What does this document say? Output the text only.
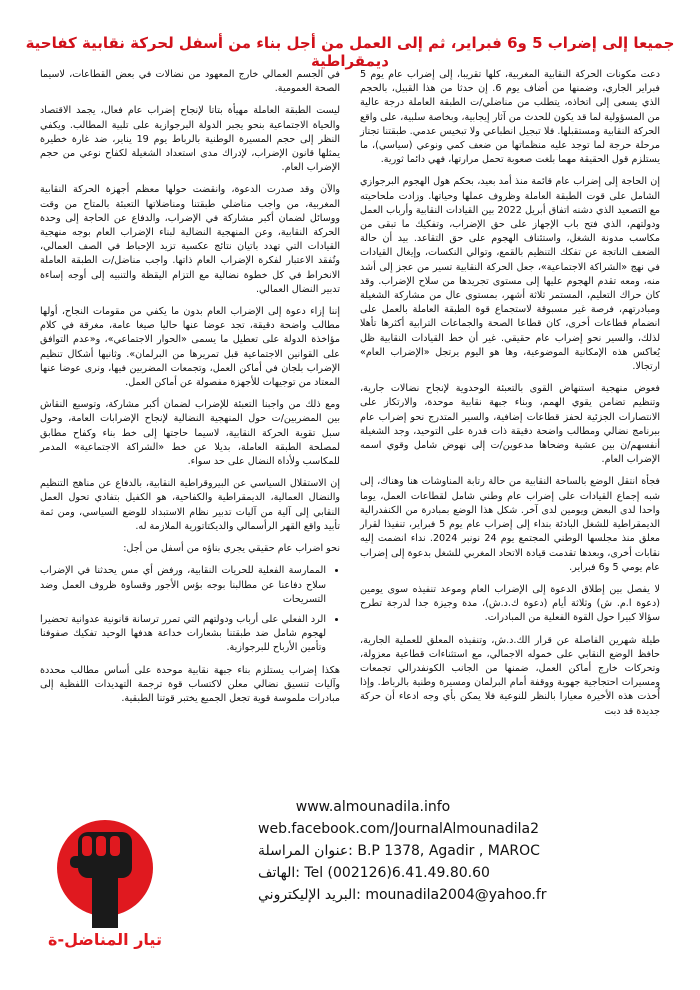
جميعا إلى إضراب 5 و6 فبراير، ثم إلى العمل من أجل بناء من أسفل لحركة نقابية كفاحية ديمقراطية

دعت مكونات الحركة النقابية المغربية، كلها تقريبا، إلى إضراب عام يوم 5 فبراير الجاري، وضمنها من أضاف يوم 6. إن حدثا من هذا القبيل، بالحجم الذي يسعى إلى اتخاذه، يتطلب من مناضلي/ت الطبقة العاملة درجة عالية من المسؤولية لما قد يكون للحدث من آثار إيجابية، وبخاصة سلبية، على واقع الحركة النقابية ومستقبلها. فلا تبجيل انطباعي ولا تبخيس عدمي. طبقتنا تجتاز مرحلة حرجة لما توجد عليه منظماتها من ضعف كمي ونوعي (سياسي)، ما يستلزم قول الحقيقة مهما بلغت صعوبة تحمل مرارتها، فهي دائما ثورية.

إن الحاجة إلى إضراب عام قائمة منذ أمد بعيد، بحكم هول الهجوم البرجوازي الشامل على قوت الطبقة العاملة وظروف عملها وحياتها. وزادت ملحاحيته مع التصعيد الذي دشنه اتفاق أبريل 2022 بين القيادات النقابية وأرباب العمل ودولتهم، الذي فتح باب الإجهاز على حق الإضراب، وتفكيك ما تبقى من مكاسب مدونة الشغل، واستئناف الهجوم على حق التقاعد. بيد أن حالة الضعف الناتجة عن تفكك التنظيم بالقمع، وتوالي النكسات، وإيغال القيادات في نهج «الشراكة الاجتماعية»، جعل الحركة النقابية تسير من عجز إلى أشد منه، ومعه تقدم الهجوم عليها إلى مستوى تجريدها من سلاح الإضراب. وقد كان حراك التعليم، المستمر ثلاثة أشهر، بمستوى عال من مشاركة الشغيلة ومبادرتهم، فرصة غير مسبوقة لاستجماع قوة الطبقة العاملة بالعمل على انضمام قطاعات أخرى، كان قطاعا الصحة والجماعات الترابية أكثرها تأهلا لذلك، والسير نحو إضراب عام حقيقي. غير أن خط القيادات النقابية ظل يُعاكس هذه الإمكانية الموضوعية، وها هو اليوم يرتجل «الإضراب العام» ارتجالا.

فعوض منهجية استنهاض القوى بالتعبئة الوحدوية لإنجاح نضالات جارية، وتنظيم تضامن يقوي الهمم، وبناء جبهة نقابية موحدة، والارتكاز على الانتصارات الجزئية لحفز قطاعات إضافية، والسير المتدرج نحو إضراب عام ببرنامج نضالي ومطالب واضحة دقيقة ذات قدرة على التوحيد، وجد الشغيلة أنفسهم/ن بين عشية وضحاها مدعوين/ت إلى نهوض شامل وقوي اسمه الإضراب العام.

فجأة انتقل الوضع بالساحة النقابية من حالة رتابة المناوشات هنا وهناك، إلى شبه إجماع القيادات على إضراب عام وطني شامل لقطاعات العمل، يوما واحدا لدى البعض ويومين لدى آخر. شكل هذا الوضع بمبادرة من الكنفدرالية الديمقراطية للشغل البادئة بنداء إلى إضراب عام يوم 5 فبراير، تنفيذا لقرار معلق منذ مجلسها الوطني المجتمع يوم 24 نونبر 2024. نداء انضمت إليه نقابات أخرى، وبعدها تقدمت قيادة الاتحاد المغربي للشغل بدعوة إلى إضراب عام يومي 5 و6 فبراير.

لا يفصل بين إطلاق الدعوة إلى الإضراب العام وموعد تنفيذه سوى يومين (دعوة ا.م. ش) وثلاثة أيام (دعوة ك.د.ش)، مدة وجيزة جدا لدرجة تطرح سؤالا كبيرا حول القوة الفعلية من المبادرات.

طيلة شهرين الفاصلة عن قرار الك.د.ش، وتنفيذه المعلق للعملية الجارية، حافظ الوضع النقابي على خموله الاجمالي، مع استثناءات قطاعية معزولة، وتحركات خارج أماكن العمل، ضمنها من الجانب الكونفدرالي تجمعات ومسيرات احتجاجية جهوية ووقفة أمام البرلمان ومسيرة وطنية بالرباط. وإذا أُخذت هذه الأخيرة معيارا بالنظر للنوعية فلا يمكن بأي وجه ادعاء أن حركة جديدة قد دبت

في الجسم العمالي خارج المعهود من نضالات في بعض القطاعات، لاسيما الصحة العمومية.

ليست الطبقة العاملة مهيأة بتاتا لإنجاح إضراب عام فعال، يجمد الاقتصاد والحياة الاجتماعية بنحو يجبر الدولة البرجوازية على تلبية المطالب. ويكفي النظر إلى حجم المسيرة الوطنية بالرباط يوم 19 يناير، ضد غارة خطيرة يمثلها قانون الإضراب، لإدراك مدى استعداد الشغيلة لكفاح نوعي من حجم الإضراب العام.

والآن وقد صدرت الدعوة، وانقضت حولها معظم أجهزة الحركة النقابية المغربية، من واجب مناضلي طبقتنا ومناضلاتها التعبئة بالمتاح من وقت ووسائل لضمان أكبر مشاركة في الإضراب، والدفاع عن الحاجة إلى وحدة الحركة النقابية، وعن المنهجية النضالية لبناء الإضراب العام بوجه منهجية القيادات التي تهدد باتيان نتائج عكسية تزيد الإحباط في الصف العمالي، وتُفقد الاعتبار لفكرة الإضراب العام ذاتها. واجب مناضل/ت الطبقة العاملة الانخراط في كل خطوة نضالية مع التزام اليقظة والتنبيه إلى أوجه إساءة تدبير النضال العمالي.

إننا إزاء دعوة إلى الإضراب العام بدون ما يكفي من مقومات النجاح، أولها مطالب واضحة دقيقة، تجد عوضا عنها حاليا صيغا عامة، مغرقة في كلام مؤاخذة الدولة على تعطيل ما يسمى «الحوار الاجتماعي»، و«عدم التوافق على القوانين الاجتماعية قبل تمريرها من البرلمان». وثانيها أشكال تنظيم الإضراب بلجان في أماكن العمل، وتجمعات المضربين فيها، ونرى عوضا عنها المعتاد من توجيهات للأجهزة مفصولة عن أماكن العمل.

ومع ذلك من واجبنا التعبئة للإضراب لضمان أكبر مشاركة، وتوسيع النقاش بين المضربين/ت حول المنهجية النضالية لإنجاح الإضرابات العامة، وحول سبل تقوية الحركة النقابية، لاسيما حاجتها إلى خط بناء وكفاح مطابق لمصلحة الطبقة العاملة، بديلا عن خط «الشراكة الاجتماعية» المدمر للمكاسب ولأداة النضال على حد سواء.

إن الاستقلال السياسي عن البيروقراطية النقابية، بالدفاع عن مناهج التنظيم والنضال العمالية، الديمقراطية والكفاحية، هو الكفيل بتفادي تحول العمل النقابي إلى آلية من آليات تدبير نظام الاستبداد للوضع السياسي، ومن ثمة تأبيد واقع القهر الرأسمالي والديكتاتورية الملازمة له.

نحو اضراب عام حقيقي يجري بناؤه من أسفل من أجل:

• الممارسة الفعلية للحريات النقابية، ورفض أي مس يحدثنا في الإضراب سلاح دفاعنا عن مطالبنا بوجه بؤس الأجور وقساوة ظروف العمل وضد التسريحات
• الرد الفعلي على أرباب ودولتهم التي تمرر ترسانة قانونية عدوانية تحضيرا لهجوم شامل ضد طبقتنا بشعارات خداعة هدفها الوحيد تفكيك صفوفنا وتأمين الأرباح للبرجوازية.

هكذا إضراب يستلزم بناء جبهة نقابية موحدة على أساس مطالب محددة وآليات تنسيق نضالي معلن لاكتساب قوة ترجمة التهديدات اللفظية إلى مبادرات ملموسة قوية تجعل الجميع يختبر قوتنا الطبقية.

www.almounadila.info
web.facebook.com/JournalAlmounadila2
عنوان المراسلة: B.P 1378, Agadir , MAROC
الهاتف: Tel (002126)6.41.49.80.60
البريد الإليكتروني: mounadila2004@yahoo.fr
تيار المناضل-ة
